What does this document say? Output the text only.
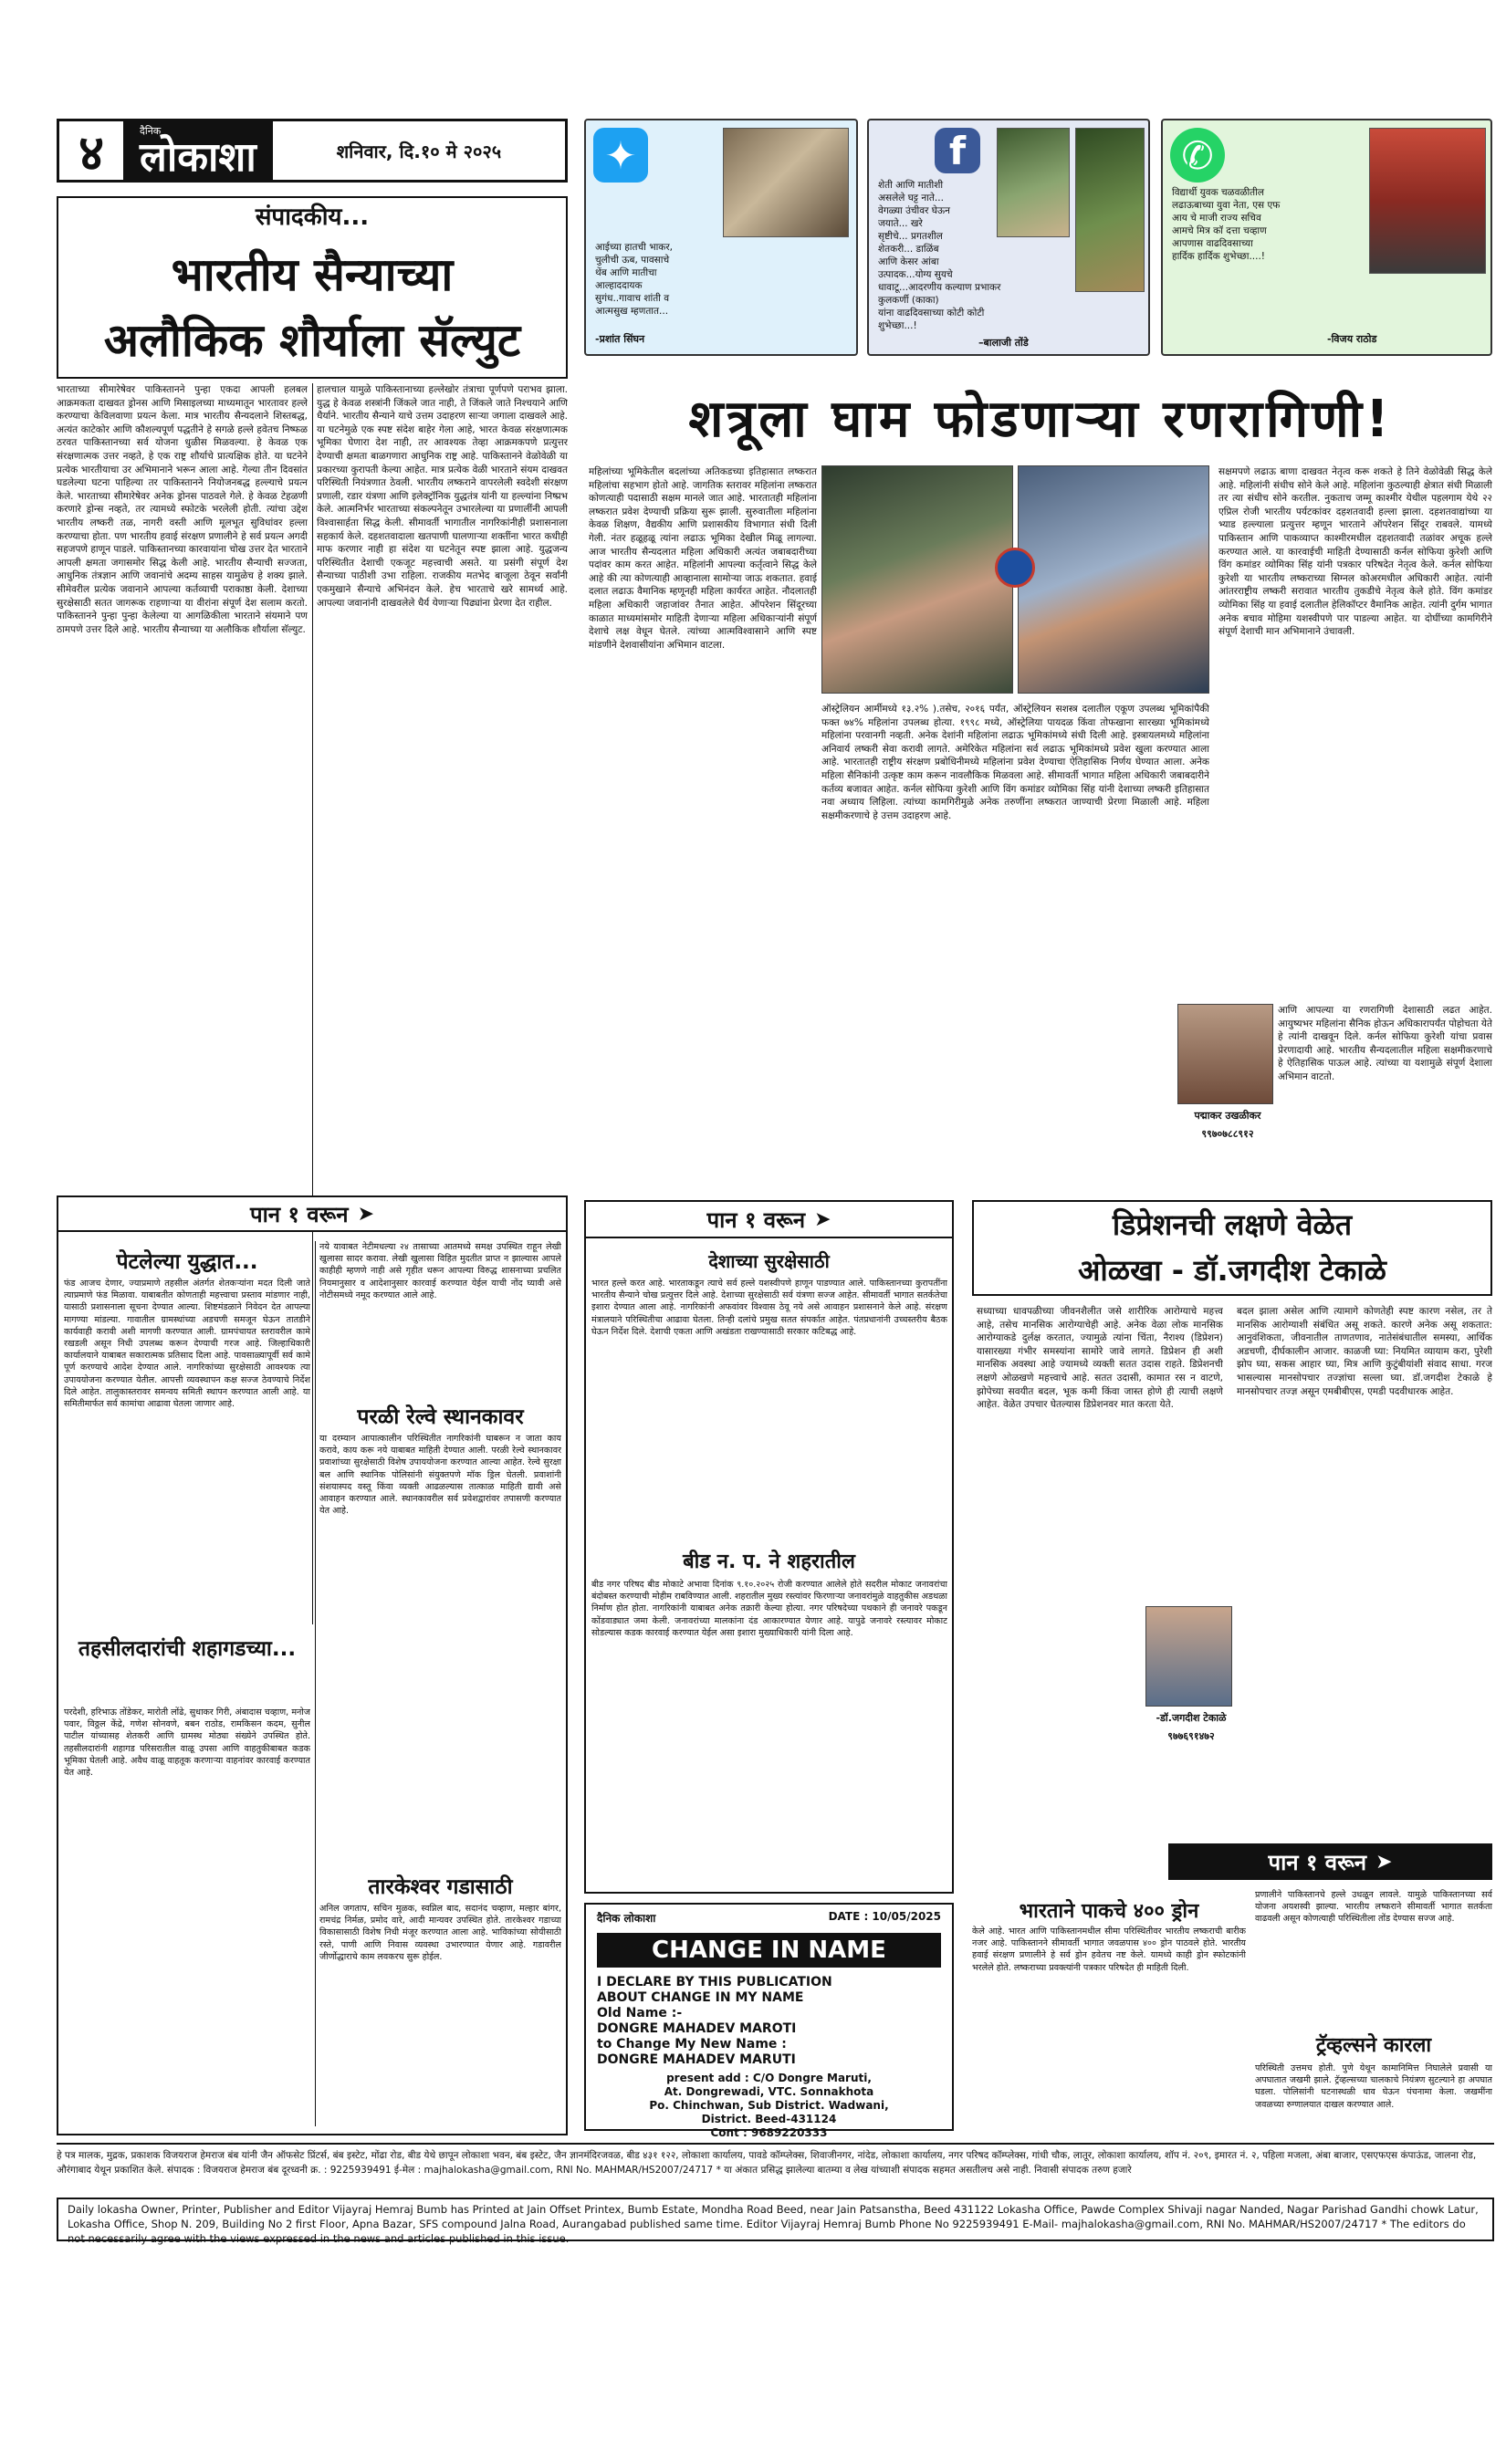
४	दैनिक
लोकाशा	शनिवार, दि.१० मे २०२५	✦
आईच्या हातची भाकर,
चुलीची ऊब, पावसाचे
थेंब आणि मातीचा
आल्हाददायक
सुगंध..गावाच शांती व
आत्मसुख म्हणतात...
-प्रशांत सिंघन
f
शेती आणि मातीशी
असलेले घट्ट नाते...
वेगळ्या उंचीवर घेऊन
जयाते... खरे
सृष्टीचे... प्रगतशील
शेतकरी... डाळिंब
आणि केसर आंबा
उत्पादक...योग्य सुयचे
धावाटू...आदरणीय कल्याण प्रभाकर कुलकर्णी (काका)
यांना वाढदिवसाच्या कोटी कोटी शुभेच्छा...!
–बालाजी तोंडे
✆
विद्यार्थी युवक चळवळीतील
लढाऊबाच्या युवा नेता, एस एफ
आय चे माजी राज्य सचिव
आमचे मित्र कॉ दत्ता चव्हाण
आपणास वाढदिवसाच्या
हार्दिक हार्दिक शुभेच्छा....!
-विजय राठोड
संपादकीय...
भारतीय सैन्याच्या
अलौकिक शौर्याला सॅल्युट
भारताच्या सीमारेषेवर पाकिस्तानने पुन्हा एकदा आपली हलबल आक्रमकता दाखवत ड्रोनस आणि मिसाइलच्या माध्यमातून भारतावर हल्ले करण्याचा केविलवाणा प्रयत्न केला. मात्र भारतीय सैन्यदलाने शिस्तबद्ध, अत्यंत काटेकोर आणि कौशल्यपूर्ण पद्धतीने हे सगळे हल्ले हवेतच निष्फळ ठरवत पाकिस्तानच्या सर्व योजना धुळीस मिळवल्या. हे केवळ एक संरक्षणात्मक उत्तर नव्हते, हे एक राष्ट्र शौर्याचे प्रात्यक्षिक होते. या घटनेने प्रत्येक भारतीयाचा उर अभिमानाने भरून आला आहे. गेल्या तीन दिवसांत घडलेल्या घटना पाहिल्या तर पाकिस्तानने नियोजनबद्ध हल्ल्याचे प्रयत्न केले. भारताच्या सीमारेषेवर अनेक ड्रोनस पाठवले गेले. हे केवळ टेहळणी करणारे ड्रोन्स नव्हते, तर त्यामध्ये स्फोटके भरलेली होती. त्यांचा उद्देश भारतीय लष्करी तळ, नागरी वस्ती आणि मूलभूत सुविधांवर हल्ला करण्याचा होता. पण भारतीय हवाई संरक्षण प्रणालीने हे सर्व प्रयत्न अगदी सहजपणे हाणून पाडले. पाकिस्तानच्या कारवायांना चोख उत्तर देत भारताने आपली क्षमता जगासमोर सिद्ध केली आहे. भारतीय सैन्याची सज्जता, आधुनिक तंत्रज्ञान आणि जवानांचे अदम्य साहस यामुळेच हे शक्य झाले. सीमेवरील प्रत्येक जवानाने आपल्या कर्तव्याची पराकाष्ठा केली. देशाच्या सुरक्षेसाठी सतत जागरूक राहणाऱ्या या वीरांना संपूर्ण देश सलाम करतो. पाकिस्तानने पुन्हा पुन्हा केलेल्या या आगळिकीला भारताने संयमाने पण ठामपणे उत्तर दिले आहे. भारतीय सैन्याच्या या अलौकिक शौर्याला सॅल्युट.
हालचाल यामुळे पाकिस्तानाच्या हल्लेखोर तंत्राचा पूर्णपणे पराभव झाला. युद्ध हे केवळ शस्त्रांनी जिंकले जात नाही, ते जिंकले जाते निश्चयाने आणि धैर्याने. भारतीय सैन्याने याचे उत्तम उदाहरण साऱ्या जगाला दाखवले आहे. या घटनेमुळे एक स्पष्ट संदेश बाहेर गेला आहे, भारत केवळ संरक्षणात्मक भूमिका घेणारा देश नाही, तर आवश्यक तेव्हा आक्रमकपणे प्रत्युत्तर देण्याची क्षमता बाळगणारा आधुनिक राष्ट्र आहे. पाकिस्तानने वेळोवेळी या प्रकारच्या कुरापती केल्या आहेत. मात्र प्रत्येक वेळी भारताने संयम दाखवत परिस्थिती नियंत्रणात ठेवली. भारतीय लष्कराने वापरलेली स्वदेशी संरक्षण प्रणाली, रडार यंत्रणा आणि इलेक्ट्रॉनिक युद्धतंत्र यांनी या हल्ल्यांना निष्प्रभ केले. आत्मनिर्भर भारताच्या संकल्पनेतून उभारलेल्या या प्रणालींनी आपली विश्वासार्हता सिद्ध केली. सीमावर्ती भागातील नागरिकांनीही प्रशासनाला सहकार्य केले. दहशतवादाला खतपाणी घालणाऱ्या शक्तींना भारत कधीही माफ करणार नाही हा संदेश या घटनेतून स्पष्ट झाला आहे. युद्धजन्य परिस्थितीत देशाची एकजूट महत्त्वाची असते. या प्रसंगी संपूर्ण देश सैन्याच्या पाठीशी उभा राहिला. राजकीय मतभेद बाजूला ठेवून सर्वांनी एकमुखाने सैन्याचे अभिनंदन केले. हेच भारताचे खरे सामर्थ्य आहे. आपल्या जवानांनी दाखवलेले धैर्य येणाऱ्या पिढ्यांना प्रेरणा देत राहील.
शत्रूला घाम फोडणाऱ्या रणरागिणी!
महिलांच्या भूमिकेतील बदलांच्या अतिकडच्या इतिहासात लष्करात महिलांचा सहभाग होतो आहे. जागतिक स्तरावर महिलांना लष्करात कोणत्याही पदासाठी सक्षम मानले जात आहे. भारतातही महिलांना लष्करात प्रवेश देण्याची प्रक्रिया सुरू झाली. सुरुवातीला महिलांना केवळ शिक्षण, वैद्यकीय आणि प्रशासकीय विभागात संधी दिली गेली. नंतर हळूहळू त्यांना लढाऊ भूमिका देखील मिळू लागल्या. आज भारतीय सैन्यदलात महिला अधिकारी अत्यंत जबाबदारीच्या पदांवर काम करत आहेत. महिलांनी आपल्या कर्तृत्वाने सिद्ध केले आहे की त्या कोणत्याही आव्हानाला सामोऱ्या जाऊ शकतात. हवाई दलात लढाऊ वैमानिक म्हणूनही महिला कार्यरत आहेत. नौदलातही महिला अधिकारी जहाजांवर तैनात आहेत. ऑपरेशन सिंदूरच्या काळात माध्यमांसमोर माहिती देणाऱ्या महिला अधिकाऱ्यांनी संपूर्ण देशाचे लक्ष वेधून घेतले. त्यांच्या आत्मविश्वासाने आणि स्पष्ट मांडणीने देशवासीयांना अभिमान वाटला.
ऑस्ट्रेलियन आर्मीमध्ये १३.२% ).तसेच, २०१६ पर्यंत, ऑस्ट्रेलियन सशस्त्र दलातील एकूण उपलब्ध भूमिकांपैकी फक्त ७४% महिलांना उपलब्ध होत्या. १९९८ मध्ये, ऑस्ट्रेलिया पायदळ किंवा तोफखाना सारख्या भूमिकांमध्ये महिलांना परवानगी नव्हती. अनेक देशांनी महिलांना लढाऊ भूमिकांमध्ये संधी दिली आहे. इस्त्रायलमध्ये महिलांना अनिवार्य लष्करी सेवा करावी लागते. अमेरिकेत महिलांना सर्व लढाऊ भूमिकांमध्ये प्रवेश खुला करण्यात आला आहे. भारतातही राष्ट्रीय संरक्षण प्रबोधिनीमध्ये महिलांना प्रवेश देण्याचा ऐतिहासिक निर्णय घेण्यात आला. अनेक महिला सैनिकांनी उत्कृष्ट काम करून नावलौकिक मिळवला आहे. सीमावर्ती भागात महिला अधिकारी जबाबदारीने कर्तव्य बजावत आहेत. कर्नल सोफिया कुरेशी आणि विंग कमांडर व्योमिका सिंह यांनी देशाच्या लष्करी इतिहासात नवा अध्याय लिहिला. त्यांच्या कामगिरीमुळे अनेक तरुणींना लष्करात जाण्याची प्रेरणा मिळाली आहे. महिला सक्षमीकरणाचे हे उत्तम उदाहरण आहे.
सक्षमपणे लढाऊ बाणा दाखवत नेतृत्व करू शकते हे तिने वेळोवेळी सिद्ध केले आहे. महिलांनी संधीच सोने केले आहे. महिलांना कुठल्याही क्षेत्रात संधी मिळाली तर त्या संधीच सोने करतील. नुकताच जम्मू काश्मीर येथील पहलगाम येथे २२ एप्रिल रोजी भारतीय पर्यटकांवर दहशतवादी हल्ला झाला. दहशतवाद्यांच्या या भ्याड हल्ल्याला प्रत्युत्तर म्हणून भारताने ऑपरेशन सिंदूर राबवले. यामध्ये पाकिस्तान आणि पाकव्याप्त काश्मीरमधील दहशतवादी तळांवर अचूक हल्ले करण्यात आले. या कारवाईची माहिती देण्यासाठी कर्नल सोफिया कुरेशी आणि विंग कमांडर व्योमिका सिंह यांनी पत्रकार परिषदेत नेतृत्व केले. कर्नल सोफिया कुरेशी या भारतीय लष्कराच्या सिग्नल कोअरमधील अधिकारी आहेत. त्यांनी आंतरराष्ट्रीय लष्करी सरावात भारतीय तुकडीचे नेतृत्व केले होते. विंग कमांडर व्योमिका सिंह या हवाई दलातील हेलिकॉप्टर वैमानिक आहेत. त्यांनी दुर्गम भागात अनेक बचाव मोहिमा यशस्वीपणे पार पाडल्या आहेत. या दोघींच्या कामगिरीने संपूर्ण देशाची मान अभिमानाने उंचावली.
आणि आपल्या या रणरागिणी देशासाठी लढत आहेत. आयुष्यभर महिलांना सैनिक होऊन अधिकारापर्यंत पोहोचता येते हे त्यांनी दाखवून दिले. कर्नल सोफिया कुरेशी यांचा प्रवास प्रेरणादायी आहे. भारतीय सैन्यदलातील महिला सक्षमीकरणाचे हे ऐतिहासिक पाऊल आहे. त्यांच्या या यशामुळे संपूर्ण देशाला अभिमान वाटतो.
पद्माकर उखळीकर
९९७०७८८९१२
पान १ वरून ➤
पेटलेल्या युद्धात...
फंड आजच देणार, ज्याप्रमाणे तहसील अंतर्गत शेतकऱ्यांना मदत दिली जाते त्याप्रमाणे फंड मिळावा. याबाबतीत कोणताही महत्त्वाचा प्रस्ताव मांडणार नाही, यासाठी प्रशासनाला सूचना देण्यात आल्या. शिष्टमंडळाने निवेदन देत आपल्या मागण्या मांडल्या. गावातील ग्रामस्थांच्या अडचणी समजून घेऊन तातडीने कार्यवाही करावी अशी मागणी करण्यात आली. ग्रामपंचायत स्तरावरील कामे रखडली असून निधी उपलब्ध करून देण्याची गरज आहे. जिल्हाधिकारी कार्यालयाने याबाबत सकारात्मक प्रतिसाद दिला आहे. पावसाळ्यापूर्वी सर्व कामे पूर्ण करण्याचे आदेश देण्यात आले. नागरिकांच्या सुरक्षेसाठी आवश्यक त्या उपाययोजना करण्यात येतील. आपत्ती व्यवस्थापन कक्ष सज्ज ठेवण्याचे निर्देश दिले आहेत. तालुकास्तरावर समन्वय समिती स्थापन करण्यात आली आहे. या समितीमार्फत सर्व कामांचा आढावा घेतला जाणार आहे.
नये यावाबत नेटीमधल्या २४ तासाच्या आतमध्ये समक्ष उपस्थित राहून लेखी खुलासा सादर करावा. लेखी खुलासा विहित मुदतीत प्राप्त न झाल्यास आपले काहीही म्हणणे नाही असे गृहीत धरून आपल्या विरुद्ध शासनाच्या प्रचलित नियमानुसार व आदेशानुसार कारवाई करण्यात येईल याची नोंद घ्यावी असे नोटीसमध्ये नमूद करण्यात आले आहे.
परळी रेल्वे स्थानकावर
या दरम्यान आपात्कालीन परिस्थितीत नागरिकांनी घाबरून न जाता काय करावे, काय करू नये याबाबत माहिती देण्यात आली. परळी रेल्वे स्थानकावर प्रवाशांच्या सुरक्षेसाठी विशेष उपाययोजना करण्यात आल्या आहेत. रेल्वे सुरक्षा बल आणि स्थानिक पोलिसांनी संयुक्तपणे मॉक ड्रिल घेतली. प्रवाशांनी संशयास्पद वस्तू किंवा व्यक्ती आढळल्यास तात्काळ माहिती द्यावी असे आवाहन करण्यात आले. स्थानकावरील सर्व प्रवेशद्वारांवर तपासणी करण्यात येत आहे.
तहसीलदारांची शहागडच्या...
परदेशी, हरिभाऊ तोंडेकर, मारोती लोंढे, सुधाकर गिरी, अंबादास चव्हाण, मनोज पवार, विठ्ठल केंद्रे, गणेश सोनवणे, बबन राठोड, रामकिसन कदम, सुनील पाटील यांच्यासह शेतकरी आणि ग्रामस्थ मोठ्या संख्येने उपस्थित होते. तहसीलदारांनी शहागड परिसरातील वाळू उपसा आणि वाहतुकीबाबत कडक भूमिका घेतली आहे. अवैध वाळू वाहतूक करणाऱ्या वाहनांवर कारवाई करण्यात येत आहे.
तारकेश्वर गडासाठी
अनिल जगताप, सचिन मुळक, स्वप्निल बाद, सदानंद चव्हाण, मल्हार बांगर, रामचंद्र निर्मळ, प्रमोद वारे, आदी मान्यवर उपस्थित होते. तारकेश्वर गडाच्या विकासासाठी विशेष निधी मंजूर करण्यात आला आहे. भाविकांच्या सोयीसाठी रस्ते, पाणी आणि निवास व्यवस्था उभारण्यात येणार आहे. गडावरील जीर्णोद्धाराचे काम लवकरच सुरू होईल.
पान १ वरून ➤
देशाच्या सुरक्षेसाठी
भारत हल्ले करत आहे. भारताकडून त्याचे सर्व हल्ले यशस्वीपणे हाणून पाडण्यात आले. पाकिस्तानच्या कुरापतींना भारतीय सैन्याने चोख प्रत्युत्तर दिले आहे. देशाच्या सुरक्षेसाठी सर्व यंत्रणा सज्ज आहेत. सीमावर्ती भागात सतर्कतेचा इशारा देण्यात आला आहे. नागरिकांनी अफवांवर विश्वास ठेवू नये असे आवाहन प्रशासनाने केले आहे. संरक्षण मंत्रालयाने परिस्थितीचा आढावा घेतला. तिन्ही दलांचे प्रमुख सतत संपर्कात आहेत. पंतप्रधानांनी उच्चस्तरीय बैठक घेऊन निर्देश दिले. देशाची एकता आणि अखंडता राखण्यासाठी सरकार कटिबद्ध आहे.
बीड न. प. ने शहरातील
बीड नगर परिषद बीड मोकाटे अभावा दिनांक ९.१०.२०२५ रोजी करण्यात आलेले होते सदरील मोकाट जनावरांचा बंदोबस्त करण्याची मोहीम राबविण्यात आली. शहरातील मुख्य रस्त्यांवर फिरणाऱ्या जनावरांमुळे वाहतुकीस अडथळा निर्माण होत होता. नागरिकांनी याबाबत अनेक तक्रारी केल्या होत्या. नगर परिषदेच्या पथकाने ही जनावरे पकडून कोंडवाड्यात जमा केली. जनावरांच्या मालकांना दंड आकारण्यात येणार आहे. यापुढे जनावरे रस्त्यावर मोकाट सोडल्यास कडक कारवाई करण्यात येईल असा इशारा मुख्याधिकारी यांनी दिला आहे.
डिप्रेशनची लक्षणे वेळेत
ओळखा - डॉ.जगदीश टेकाळे
सध्याच्या धावपळीच्या जीवनशैलीत जसे शारीरिक आरोग्याचे महत्त्व आहे, तसेच मानसिक आरोग्याचेही आहे. अनेक वेळा लोक मानसिक आरोग्याकडे दुर्लक्ष करतात, ज्यामुळे त्यांना चिंता, नैराश्य (डिप्रेशन) यासारख्या गंभीर समस्यांना सामोरे जावे लागते. डिप्रेशन ही अशी मानसिक अवस्था आहे ज्यामध्ये व्यक्ती सतत उदास राहते. डिप्रेशनची लक्षणे ओळखणे महत्त्वाचे आहे. सतत उदासी, कामात रस न वाटणे, झोपेच्या सवयीत बदल, भूक कमी किंवा जास्त होणे ही त्याची लक्षणे आहेत. वेळेत उपचार घेतल्यास डिप्रेशनवर मात करता येते.
बदल झाला असेल आणि त्यामागे कोणतेही स्पष्ट कारण नसेल, तर ते मानसिक आरोग्याशी संबंधित असू शकते. कारणे अनेक असू शकतात: आनुवंशिकता, जीवनातील ताणतणाव, नातेसंबंधातील समस्या, आर्थिक अडचणी, दीर्घकालीन आजार. काळजी घ्या: नियमित व्यायाम करा, पुरेशी झोप घ्या, सकस आहार घ्या, मित्र आणि कुटुंबीयांशी संवाद साधा. गरज भासल्यास मानसोपचार तज्ज्ञांचा सल्ला घ्या. डॉ.जगदीश टेकाळे हे मानसोपचार तज्ज्ञ असून एमबीबीएस, एमडी पदवीधारक आहेत.
-डॉ.जगदीश टेकाळे
९७७६९१४७२
पान १ वरून ➤
भारताने पाकचे ४०० ड्रोन
केले आहे. भारत आणि पाकिस्तानमधील सीमा परिस्थितीवर भारतीय लष्कराची बारीक नजर आहे. पाकिस्तानने सीमावर्ती भागात जवळपास ४०० ड्रोन पाठवले होते. भारतीय हवाई संरक्षण प्रणालीने हे सर्व ड्रोन हवेतच नष्ट केले. यामध्ये काही ड्रोन स्फोटकांनी भरलेले होते. लष्कराच्या प्रवक्त्यांनी पत्रकार परिषदेत ही माहिती दिली.
प्रणालीने पाकिस्तानचे हल्ले उधळून लावले. यामुळे पाकिस्तानच्या सर्व योजना अयशस्वी झाल्या. भारतीय लष्कराने सीमावर्ती भागात सतर्कता वाढवली असून कोणत्याही परिस्थितीला तोंड देण्यास सज्ज आहे.
ट्रॅव्हल्सने कारला
परिस्थिती उत्तमच होती. पुणे येथून कामानिमित्त निघालेले प्रवासी या अपघातात जखमी झाले. ट्रॅव्हल्सच्या चालकाचे नियंत्रण सुटल्याने हा अपघात घडला. पोलिसांनी घटनास्थळी धाव घेऊन पंचनामा केला. जखमींना जवळच्या रुग्णालयात दाखल करण्यात आले.
दैनिक लोकाशा	DATE : 10/05/2025
CHANGE IN NAME

I DECLARE BY THIS PUBLICATION

ABOUT CHANGE IN MY NAME

Old Name :-

DONGRE MAHADEV MAROTI

to Change My New Name :

DONGRE MAHADEV MARUTI

present add : C/O Dongre Maruti,
At. Dongrewadi, VTC. Sonnakhota
Po. Chinchwan, Sub District. Wadwani,
District. Beed-431124
Cont : 9689220333
हे पत्र मालक, मुद्रक, प्रकाशक विजयराज हेमराज बंब यांनी जैन ऑफसेट प्रिंटर्स, बंब इस्टेट, मोंढा रोड, बीड येथे छापून लोकाशा भवन, बंब इस्टेट, जैन ज्ञानमंदिरजवळ, बीड ४३१ १२२, लोकाशा कार्यालय, पावडे कॉम्प्लेक्स, शिवाजीनगर, नांदेड, लोकाशा कार्यालय, नगर परिषद कॉम्प्लेक्स, गांधी चौक, लातूर, लोकाशा कार्यालय, शॉप नं. २०९, इमारत नं. २, पहिला मजला, अंबा बाजार, एसएफएस कंपाऊंड, जालना रोड, औरंगाबाद येथून प्रकाशित केले. संपादक : विजयराज हेमराज बंब दूरध्वनी क्र. : 9225939491 ई-मेल : majhalokasha@gmail.com, RNI No. MAHMAR/HS2007/24717 * या अंकात प्रसिद्ध झालेल्या बातम्या व लेख यांच्याशी संपादक सहमत असतीलच असे नाही. निवासी संपादक तरुण हजारे
Daily lokasha Owner, Printer, Publisher and Editor Vijayraj Hemraj Bumb has Printed at Jain Offset Printex, Bumb Estate, Mondha Road Beed, near Jain Patsanstha, Beed 431122 Lokasha Office, Pawde Complex Shivaji nagar Nanded, Nagar Parishad Gandhi chowk Latur, Lokasha Office, Shop N. 209, Building No 2 first Floor, Apna Bazar, SFS compound Jalna Road, Aurangabad published same time. Editor Vijayraj Hemraj Bumb Phone No 9225939491 E-Mail- majhalokasha@gmail.com, RNI No. MAHMAR/HS2007/24717 * The editors do not necessarily agree with the views expressed in the news and articles published in this issue.
